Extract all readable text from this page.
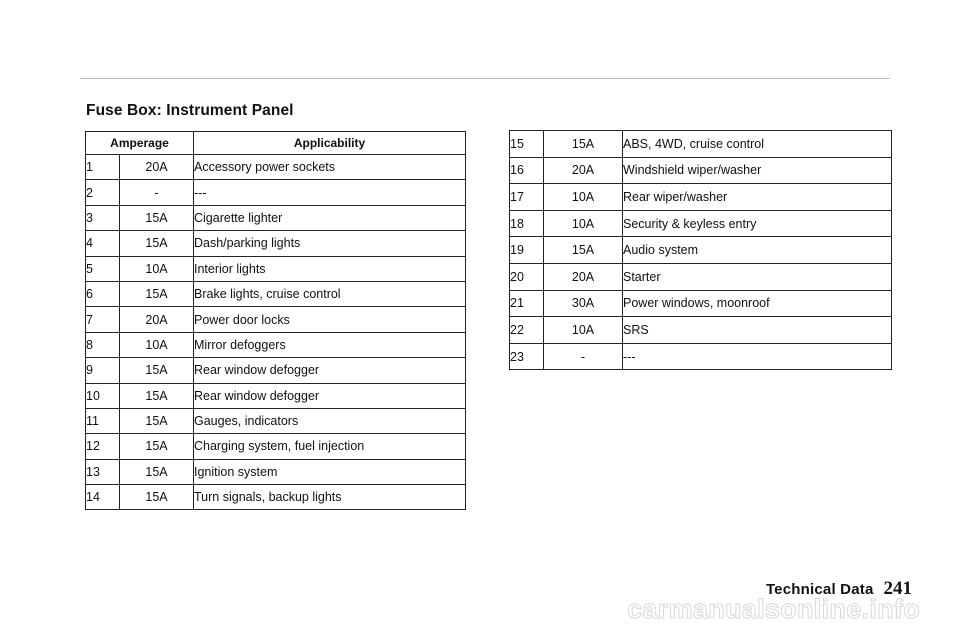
Fuse Box: Instrument Panel
Amperage		Applicability
1	20A	Accessory power sockets
2	-	---
3	15A	Cigarette lighter
4	15A	Dash/parking lights
5	10A	Interior lights
6	15A	Brake lights, cruise control
7	20A	Power door locks
8	10A	Mirror defoggers
9	15A	Rear window defogger
10	15A	Rear window defogger
11	15A	Gauges, indicators
12	15A	Charging system, fuel injection
13	15A	Ignition system
14	15A	Turn signals, backup lights
15	15A	ABS, 4WD, cruise control
16	20A	Windshield wiper/washer
17	10A	Rear wiper/washer
18	10A	Security & keyless entry
19	15A	Audio system
20	20A	Starter
21	30A	Power windows, moonroof
22	10A	SRS
23	-	---
Technical Data 241
carmanualsonline.info
